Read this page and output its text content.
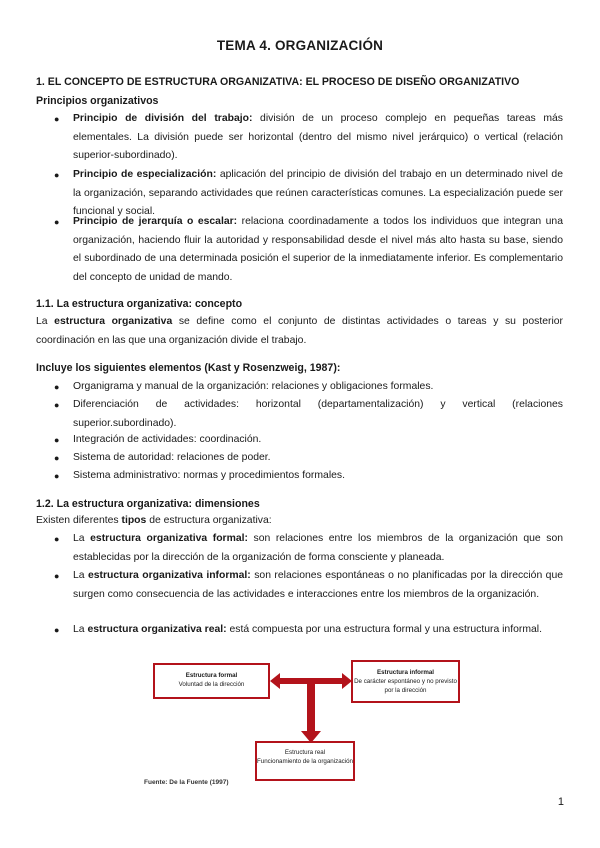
TEMA 4. ORGANIZACIÓN
1. EL CONCEPTO DE ESTRUCTURA ORGANIZATIVA: EL PROCESO DE DISEÑO ORGANIZATIVO
Principios organizativos
● Principio de división del trabajo: división de un proceso complejo en pequeñas tareas más elementales. La división puede ser horizontal (dentro del mismo nivel jerárquico) o vertical (relación superior-subordinado).
● Principio de especialización: aplicación del principio de división del trabajo en un determinado nivel de la organización, separando actividades que reúnen características comunes. La especialización puede ser funcional y social.
● Principio de jerarquía o escalar: relaciona coordinadamente a todos los individuos que integran una organización, haciendo fluir la autoridad y responsabilidad desde el nivel más alto hasta su base, siendo el subordinado de una determinada posición el superior de la inmediatamente inferior. Es complementario del concepto de unidad de mando.
1.1. La estructura organizativa: concepto
La estructura organizativa se define como el conjunto de distintas actividades o tareas y su posterior coordinación en las que una organización divide el trabajo.
Incluye los siguientes elementos (Kast y Rosenzweig, 1987):
● Organigrama y manual de la organización: relaciones y obligaciones formales.
● Diferenciación de actividades: horizontal (departamentalización) y vertical (relaciones superior.subordinado).
● Integración de actividades: coordinación.
● Sistema de autoridad: relaciones de poder.
● Sistema administrativo: normas y procedimientos formales.
1.2. La estructura organizativa: dimensiones
Existen diferentes tipos de estructura organizativa:
● La estructura organizativa formal: son relaciones entre los miembros de la organización que son establecidas por la dirección de la organización de forma consciente y planeada.
● La estructura organizativa informal: son relaciones espontáneas o no planificadas por la dirección que surgen como consecuencia de las actividades e interacciones entre los miembros de la organización.
● La estructura organizativa real: está compuesta por una estructura formal y una estructura informal.
Estructura formal
Voluntad de la dirección
Estructura informal
De carácter espontáneo y no previsto por la dirección
Estructura real
Funcionamiento de la organización
Fuente: De la Fuente (1997)
1
